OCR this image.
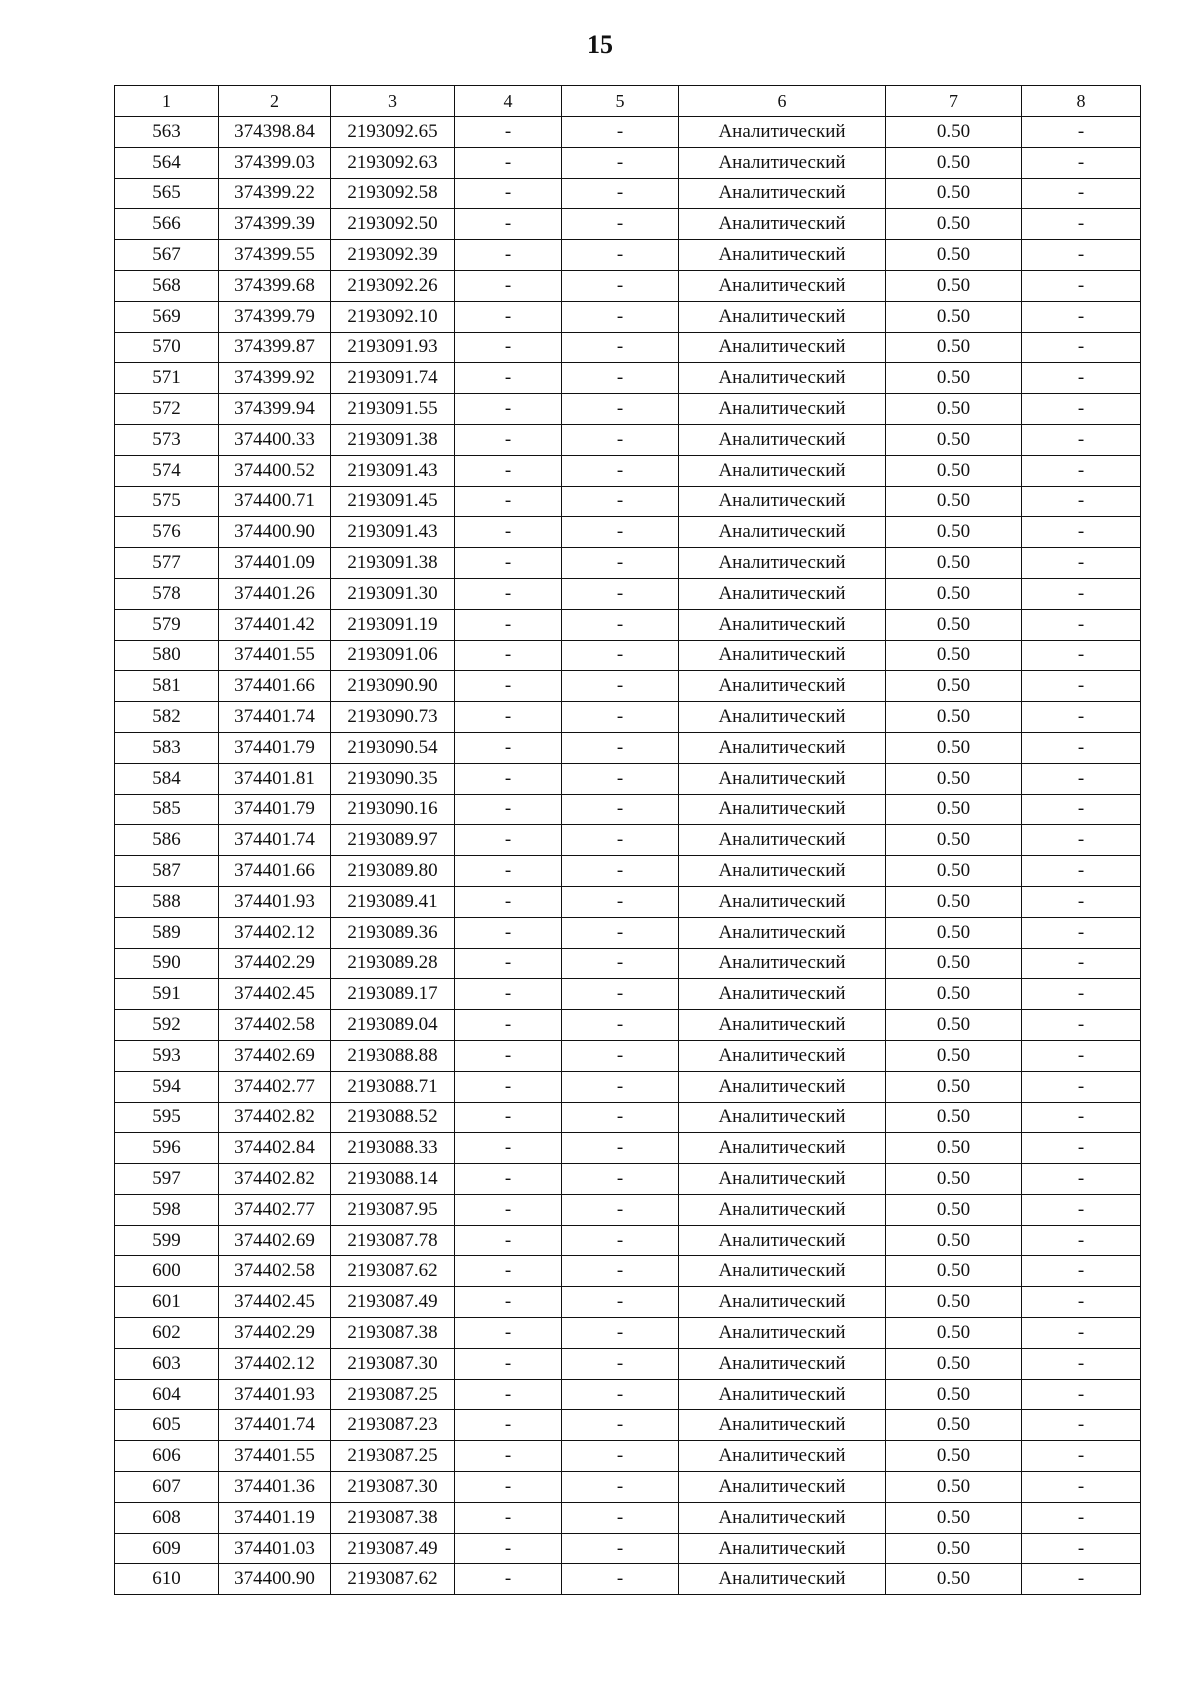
15
1	2	3	4	5	6	7	8
563	374398.84	2193092.65	-	-	Аналитический	0.50	-
564	374399.03	2193092.63	-	-	Аналитический	0.50	-
565	374399.22	2193092.58	-	-	Аналитический	0.50	-
566	374399.39	2193092.50	-	-	Аналитический	0.50	-
567	374399.55	2193092.39	-	-	Аналитический	0.50	-
568	374399.68	2193092.26	-	-	Аналитический	0.50	-
569	374399.79	2193092.10	-	-	Аналитический	0.50	-
570	374399.87	2193091.93	-	-	Аналитический	0.50	-
571	374399.92	2193091.74	-	-	Аналитический	0.50	-
572	374399.94	2193091.55	-	-	Аналитический	0.50	-
573	374400.33	2193091.38	-	-	Аналитический	0.50	-
574	374400.52	2193091.43	-	-	Аналитический	0.50	-
575	374400.71	2193091.45	-	-	Аналитический	0.50	-
576	374400.90	2193091.43	-	-	Аналитический	0.50	-
577	374401.09	2193091.38	-	-	Аналитический	0.50	-
578	374401.26	2193091.30	-	-	Аналитический	0.50	-
579	374401.42	2193091.19	-	-	Аналитический	0.50	-
580	374401.55	2193091.06	-	-	Аналитический	0.50	-
581	374401.66	2193090.90	-	-	Аналитический	0.50	-
582	374401.74	2193090.73	-	-	Аналитический	0.50	-
583	374401.79	2193090.54	-	-	Аналитический	0.50	-
584	374401.81	2193090.35	-	-	Аналитический	0.50	-
585	374401.79	2193090.16	-	-	Аналитический	0.50	-
586	374401.74	2193089.97	-	-	Аналитический	0.50	-
587	374401.66	2193089.80	-	-	Аналитический	0.50	-
588	374401.93	2193089.41	-	-	Аналитический	0.50	-
589	374402.12	2193089.36	-	-	Аналитический	0.50	-
590	374402.29	2193089.28	-	-	Аналитический	0.50	-
591	374402.45	2193089.17	-	-	Аналитический	0.50	-
592	374402.58	2193089.04	-	-	Аналитический	0.50	-
593	374402.69	2193088.88	-	-	Аналитический	0.50	-
594	374402.77	2193088.71	-	-	Аналитический	0.50	-
595	374402.82	2193088.52	-	-	Аналитический	0.50	-
596	374402.84	2193088.33	-	-	Аналитический	0.50	-
597	374402.82	2193088.14	-	-	Аналитический	0.50	-
598	374402.77	2193087.95	-	-	Аналитический	0.50	-
599	374402.69	2193087.78	-	-	Аналитический	0.50	-
600	374402.58	2193087.62	-	-	Аналитический	0.50	-
601	374402.45	2193087.49	-	-	Аналитический	0.50	-
602	374402.29	2193087.38	-	-	Аналитический	0.50	-
603	374402.12	2193087.30	-	-	Аналитический	0.50	-
604	374401.93	2193087.25	-	-	Аналитический	0.50	-
605	374401.74	2193087.23	-	-	Аналитический	0.50	-
606	374401.55	2193087.25	-	-	Аналитический	0.50	-
607	374401.36	2193087.30	-	-	Аналитический	0.50	-
608	374401.19	2193087.38	-	-	Аналитический	0.50	-
609	374401.03	2193087.49	-	-	Аналитический	0.50	-
610	374400.90	2193087.62	-	-	Аналитический	0.50	-
